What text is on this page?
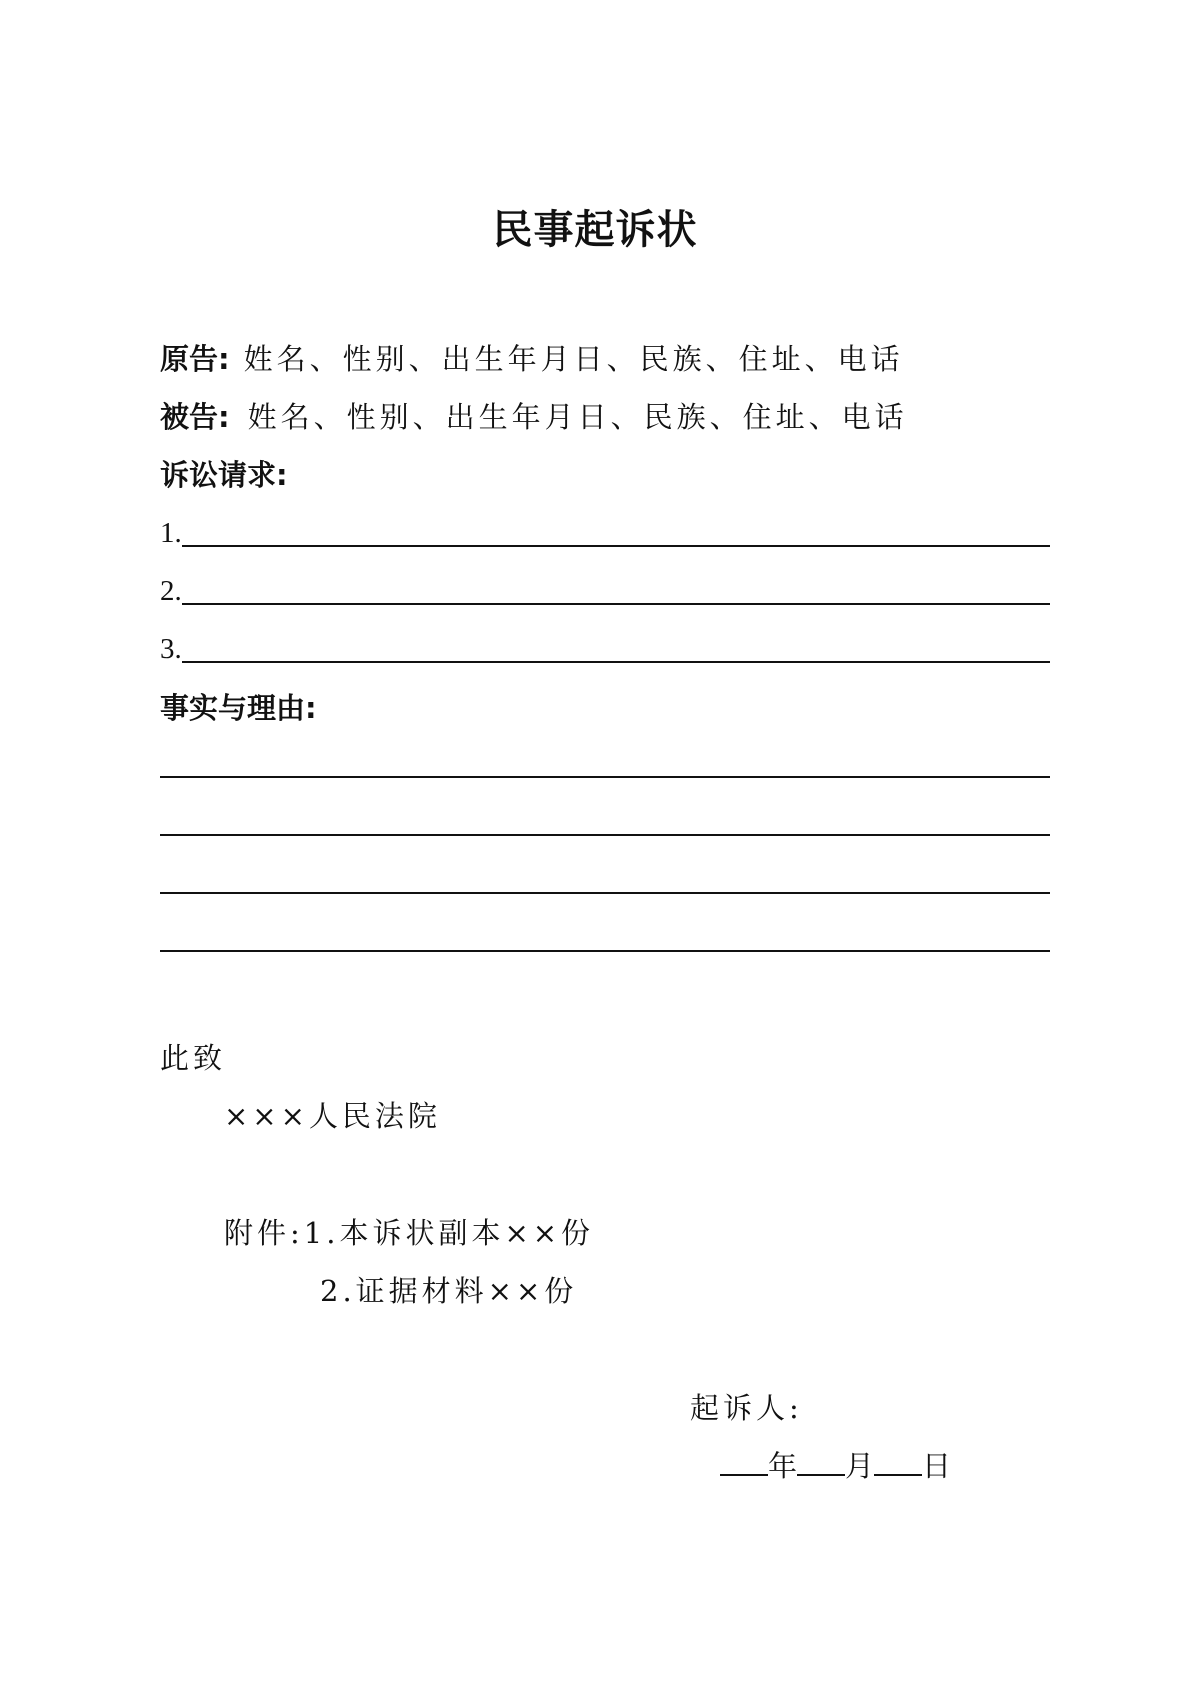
民事起诉状
原告: 姓名、性别、出生年月日、民族、住址、电话
被告: 姓名、性别、出生年月日、民族、住址、电话
诉讼请求:
1.
2.
3.
事实与理由:
此致
×××人民法院
附件:1.本诉状副本××份
2.证据材料××份
起诉人:
年 月 日
